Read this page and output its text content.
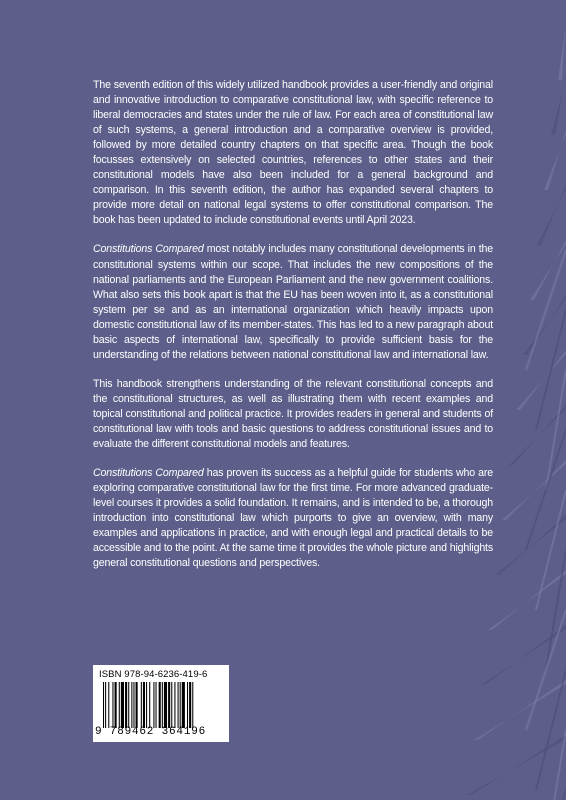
The seventh edition of this widely utilized handbook provides a user-friendly and original and innovative introduction to comparative constitutional law, with specific reference to liberal democracies and states under the rule of law. For each area of constitutional law of such systems, a general introduction and a comparative overview is provided, followed by more detailed country chapters on that specific area. Though the book focusses extensively on selected countries, references to other states and their constitutional models have also been included for a general background and comparison. In this seventh edition, the author has expanded several chapters to provide more detail on national legal systems to offer constitutional comparison. The book has been updated to include constitutional events until April 2023.

Constitutions Compared most notably includes many constitutional developments in the constitutional systems within our scope. That includes the new compositions of the national parliaments and the European Parliament and the new government coalitions. What also sets this book apart is that the EU has been woven into it, as a constitutional system per se and as an international organization which heavily impacts upon domestic constitutional law of its member-states. This has led to a new paragraph about basic aspects of international law, specifically to provide sufficient basis for the understanding of the relations between national constitutional law and international law.

This handbook strengthens understanding of the relevant constitutional concepts and the constitutional structures, as well as illustrating them with recent examples and topical constitutional and political practice. It provides readers in general and students of constitutional law with tools and basic questions to address constitutional issues and to evaluate the different constitutional models and features.

Constitutions Compared has proven its success as a helpful guide for students who are exploring comparative constitutional law for the first time. For more advanced graduate-level courses it provides a solid foundation. It remains, and is intended to be, a thorough introduction into constitutional law which purports to give an overview, with many examples and applications in practice, and with enough legal and practical details to be accessible and to the point. At the same time it provides the whole picture and highlights general constitutional questions and perspectives.

ISBN 978-94-6236-419-6
9 789462 364196
